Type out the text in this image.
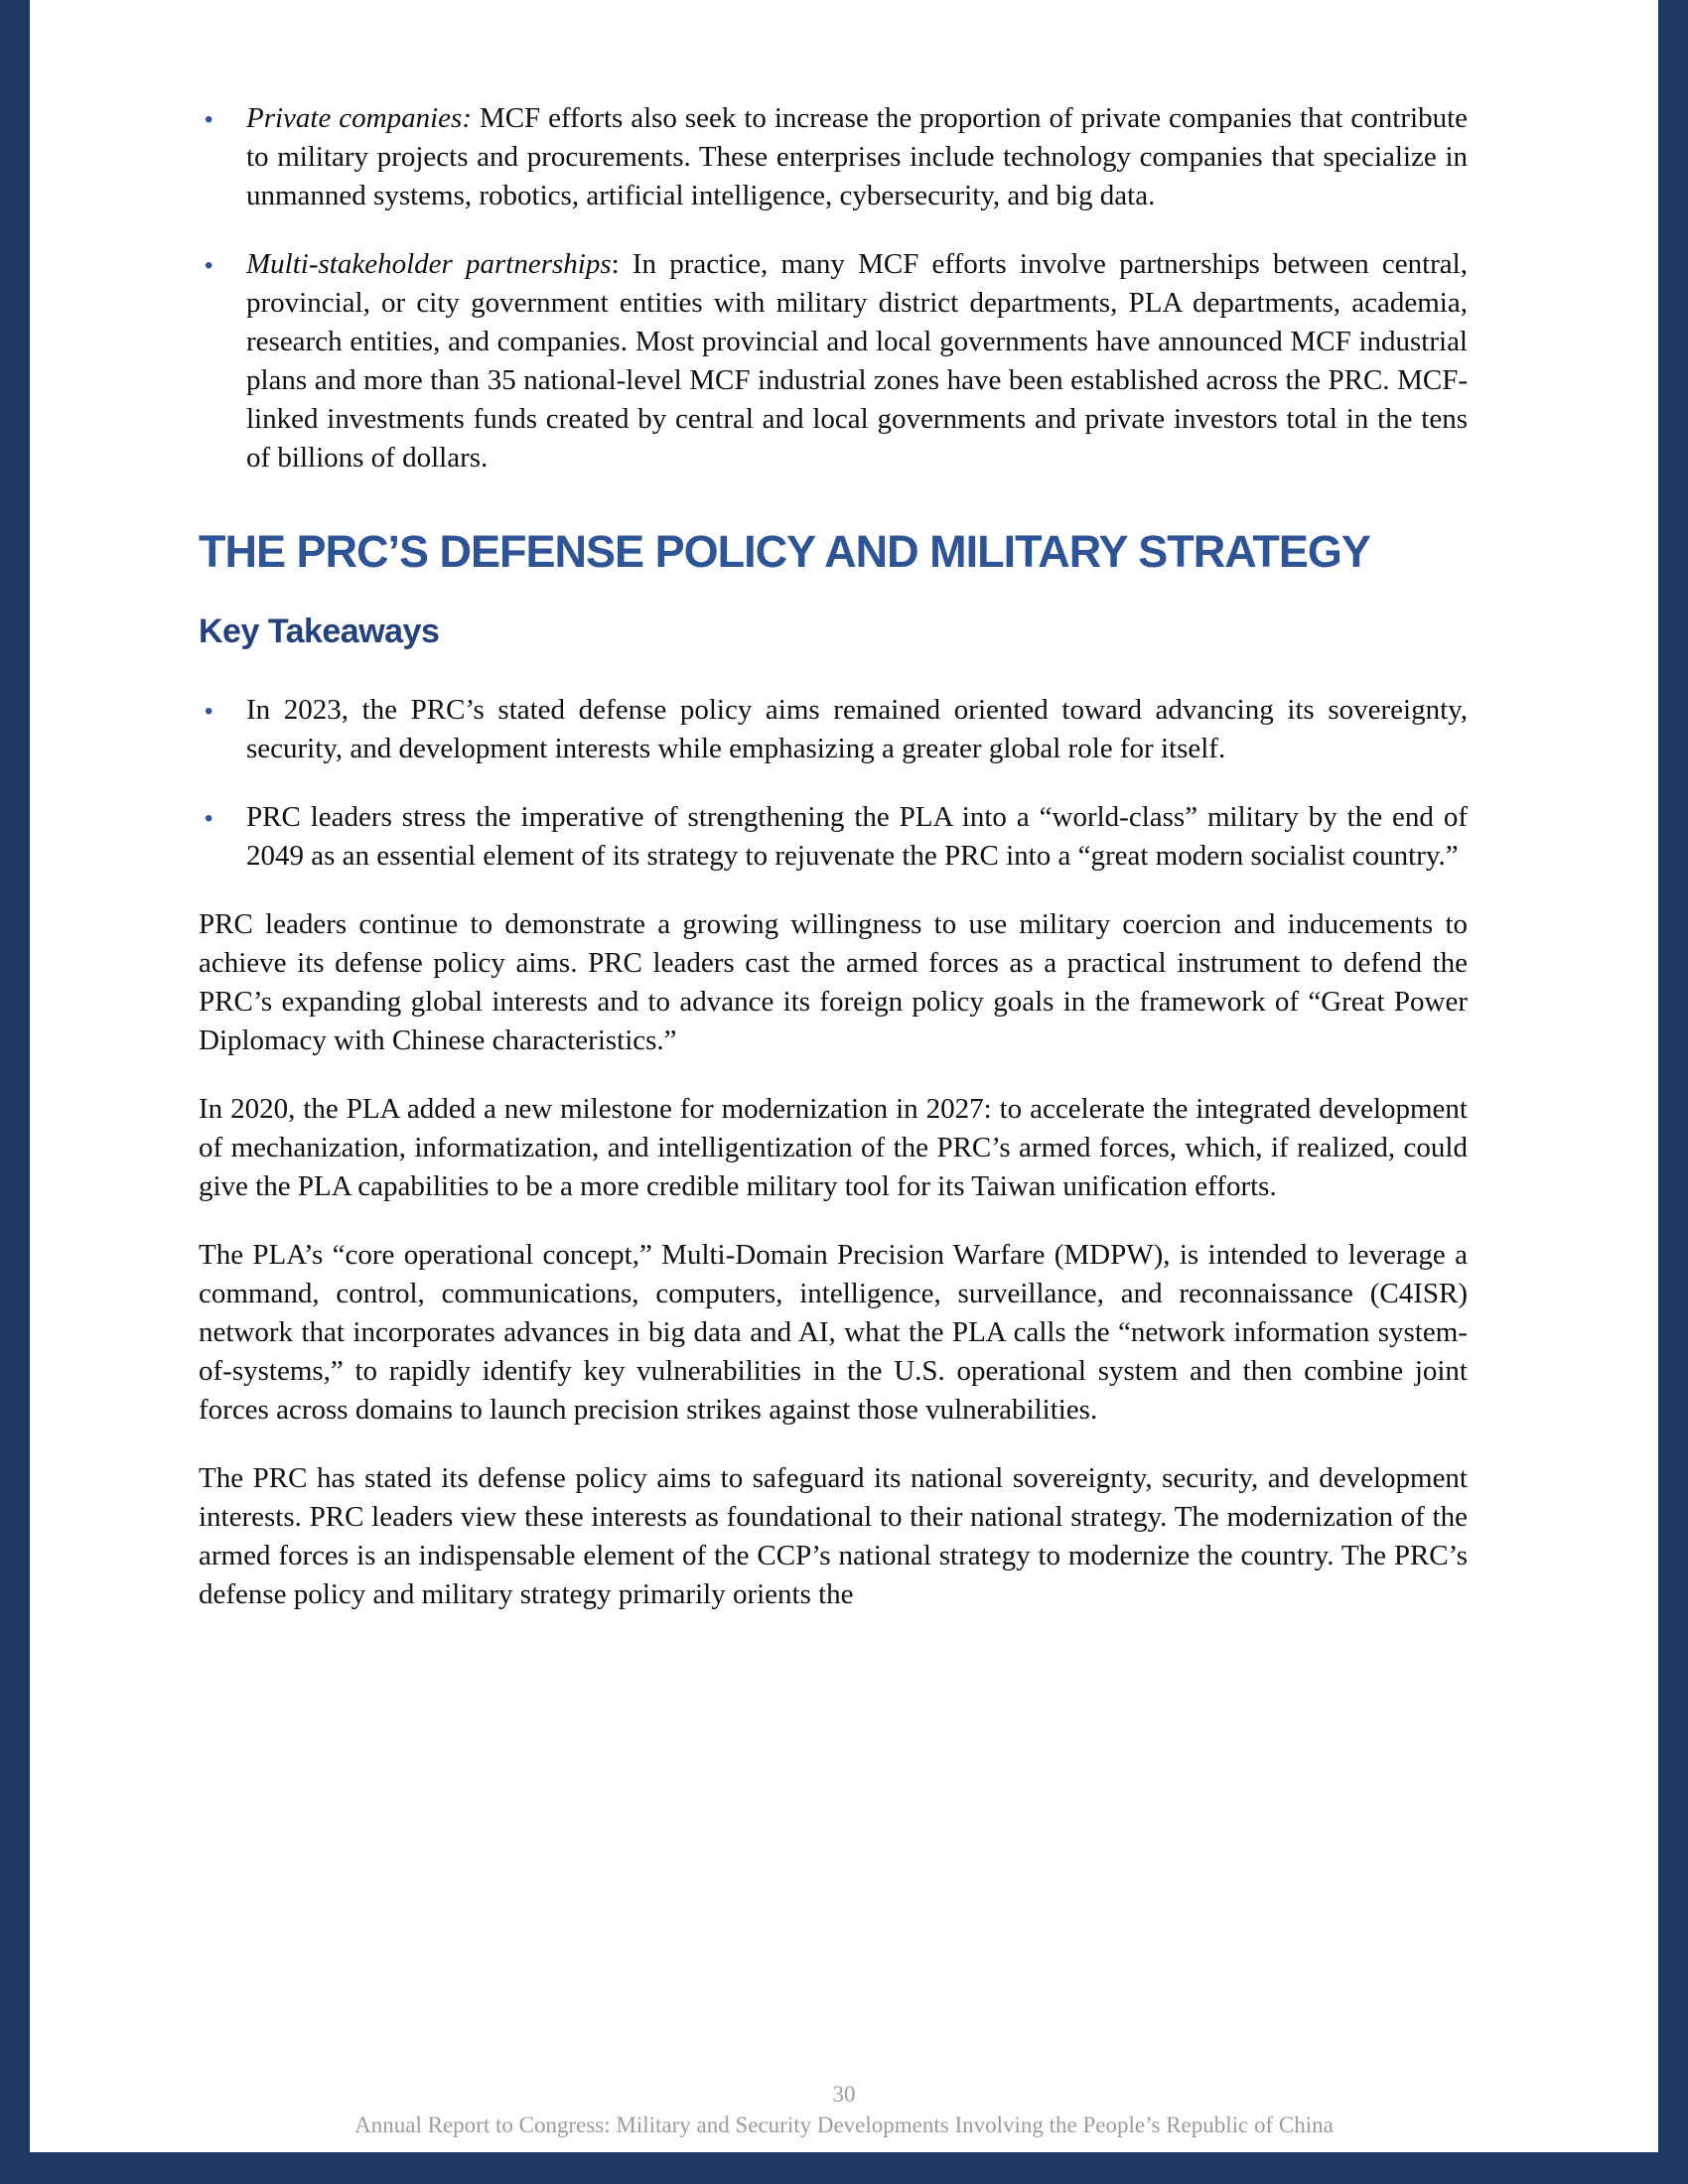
• Private companies: MCF efforts also seek to increase the proportion of private companies that contribute to military projects and procurements. These enterprises include technology companies that specialize in unmanned systems, robotics, artificial intelligence, cybersecurity, and big data.
• Multi-stakeholder partnerships: In practice, many MCF efforts involve partnerships between central, provincial, or city government entities with military district departments, PLA departments, academia, research entities, and companies. Most provincial and local governments have announced MCF industrial plans and more than 35 national-level MCF industrial zones have been established across the PRC. MCF-linked investments funds created by central and local governments and private investors total in the tens of billions of dollars.
THE PRC’S DEFENSE POLICY AND MILITARY STRATEGY
Key Takeaways
• In 2023, the PRC’s stated defense policy aims remained oriented toward advancing its sovereignty, security, and development interests while emphasizing a greater global role for itself.
• PRC leaders stress the imperative of strengthening the PLA into a “world-class” military by the end of 2049 as an essential element of its strategy to rejuvenate the PRC into a “great modern socialist country.”

PRC leaders continue to demonstrate a growing willingness to use military coercion and inducements to achieve its defense policy aims. PRC leaders cast the armed forces as a practical instrument to defend the PRC’s expanding global interests and to advance its foreign policy goals in the framework of “Great Power Diplomacy with Chinese characteristics.”

In 2020, the PLA added a new milestone for modernization in 2027: to accelerate the integrated development of mechanization, informatization, and intelligentization of the PRC’s armed forces, which, if realized, could give the PLA capabilities to be a more credible military tool for its Taiwan unification efforts.

The PLA’s “core operational concept,” Multi-Domain Precision Warfare (MDPW), is intended to leverage a command, control, communications, computers, intelligence, surveillance, and reconnaissance (C4ISR) network that incorporates advances in big data and AI, what the PLA calls the “network information system-of-systems,” to rapidly identify key vulnerabilities in the U.S. operational system and then combine joint forces across domains to launch precision strikes against those vulnerabilities.

The PRC has stated its defense policy aims to safeguard its national sovereignty, security, and development interests. PRC leaders view these interests as foundational to their national strategy. The modernization of the armed forces is an indispensable element of the CCP’s national strategy to modernize the country. The PRC’s defense policy and military strategy primarily orients the

30
Annual Report to Congress: Military and Security Developments Involving the People’s Republic of China
